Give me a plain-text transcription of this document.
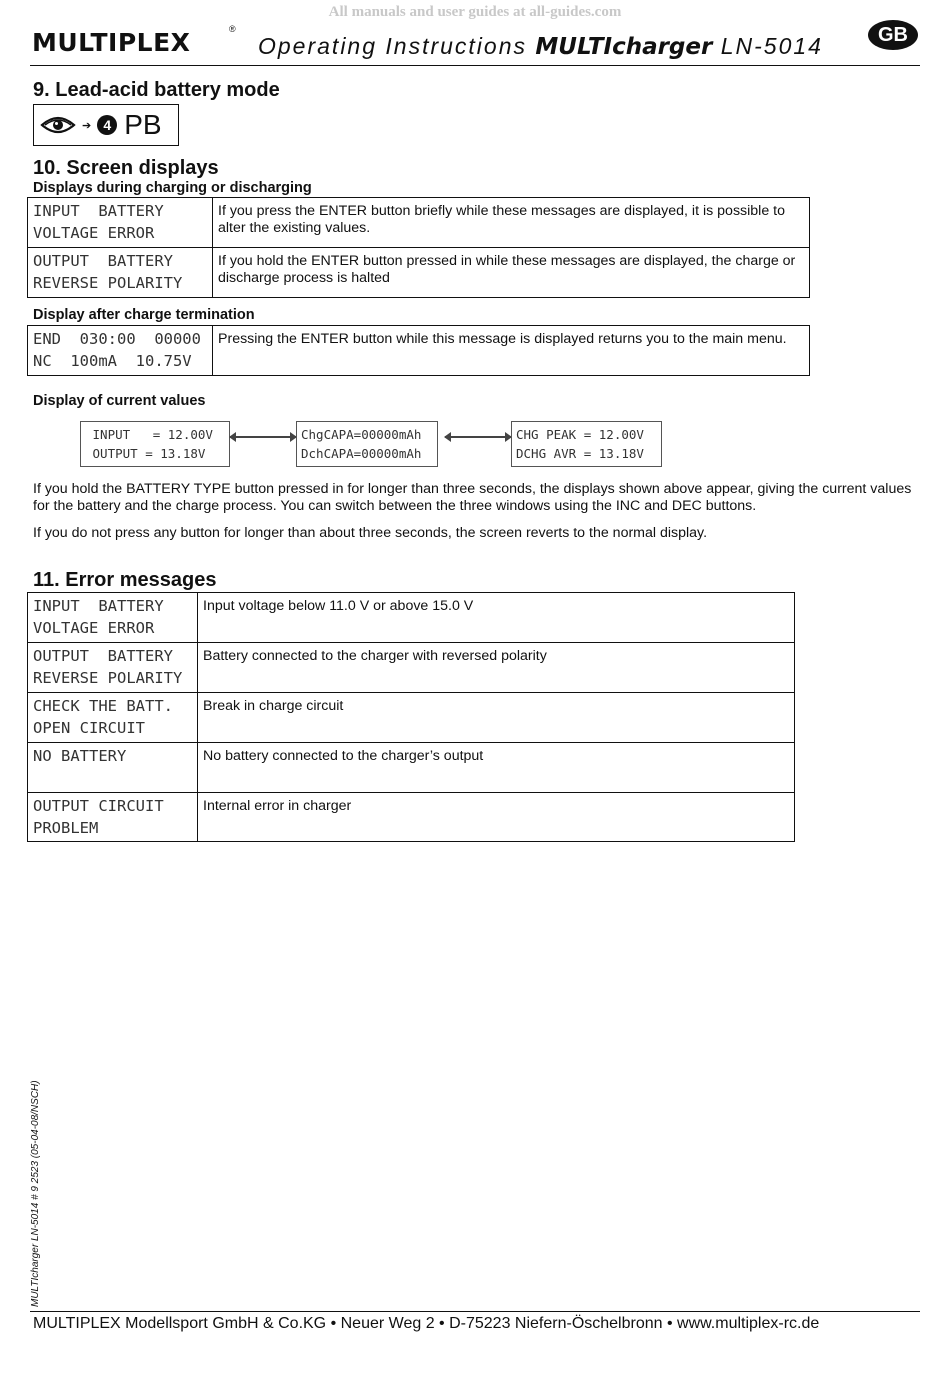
All manuals and user guides at all-guides.com
MULTIPLEX	®
Operating Instructions MULTIcharger LN-5014	GB
9. Lead-acid battery mode
➔ 4 PB
10. Screen displays
Displays during charging or discharging
INPUT  BATTERY
VOLTAGE ERROR	If you press the ENTER button briefly while these messages are displayed, it is possible to alter the existing values.
OUTPUT  BATTERY
REVERSE POLARITY	If you hold the ENTER button pressed in while these messages are displayed, the charge or discharge process is halted
Display after charge termination
END  030:00  00000
NC  100mA  10.75V	Pressing the ENTER button while this message is displayed returns you to the main menu.
Display of current values
INPUT   = 12.00V
OUTPUT = 13.18V
ChgCAPA=00000mAh
DchCAPA=00000mAh
CHG PEAK = 12.00V
DCHG AVR = 13.18V

If you hold the BATTERY TYPE button pressed in for longer than three seconds, the displays shown above appear, giving the current values for the battery and the charge process. You can switch between the three windows using the INC and DEC buttons.

If you do not press any button for longer than about three seconds, the screen reverts to the normal display.

11. Error messages
INPUT  BATTERY
VOLTAGE ERROR	Input voltage below 11.0 V or above 15.0 V
OUTPUT  BATTERY
REVERSE POLARITY	Battery connected to the charger with reversed polarity
CHECK THE BATT.
OPEN CIRCUIT	Break in charge circuit
NO BATTERY	No battery connected to the charger’s output
OUTPUT CIRCUIT
PROBLEM	Internal error in charger
MULTIcharger LN-5014 # 9 2523 (05-04-08/NSCH)
MULTIPLEX Modellsport GmbH & Co.KG • Neuer Weg 2 • D-75223 Niefern-Öschelbronn • www.multiplex-rc.de
